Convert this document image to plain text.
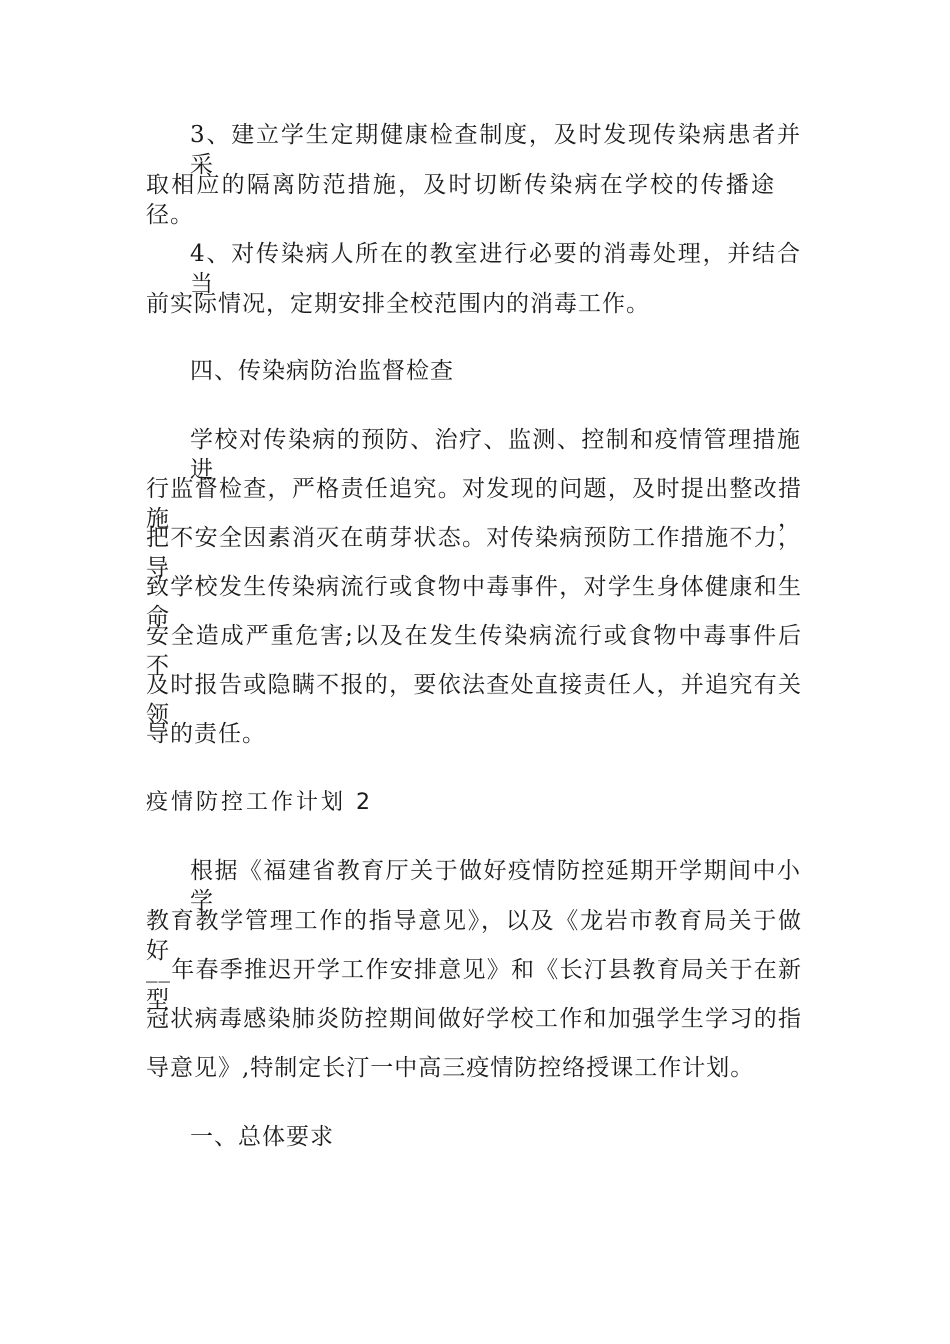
3、建立学生定期健康检查制度，及时发现传染病患者并采
取相应的隔离防范措施，及时切断传染病在学校的传播途径。
4、对传染病人所在的教室进行必要的消毒处理，并结合当
前实际情况，定期安排全校范围内的消毒工作。
四、传染病防治监督检查
学校对传染病的预防、治疗、监测、控制和疫情管理措施进
行监督检查，严格责任追究。对发现的问题，及时提出整改措施，
把不安全因素消灭在萌芽状态。对传染病预防工作措施不力，导
致学校发生传染病流行或食物中毒事件，对学生身体健康和生命
安全造成严重危害;以及在发生传染病流行或食物中毒事件后不
及时报告或隐瞒不报的，要依法查处直接责任人，并追究有关领
导的责任。
疫情防控工作计划 2
根据《福建省教育厅关于做好疫情防控延期开学期间中小学
教育教学管理工作的指导意见》，以及《龙岩市教育局关于做好
__年春季推迟开学工作安排意见》和《长汀县教育局关于在新型
冠状病毒感染肺炎防控期间做好学校工作和加强学生学习的指
导意见》,特制定长汀一中高三疫情防控络授课工作计划。
一、总体要求
